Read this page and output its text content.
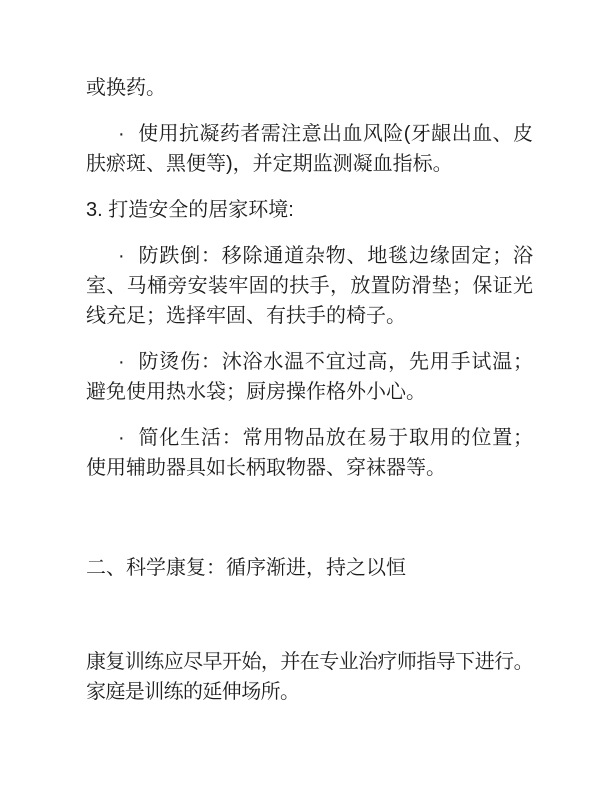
或换药。

· 使用抗凝药者需注意出血风险(牙龈出血、皮肤瘀斑、黑便等)，并定期监测凝血指标。

3. 打造安全的居家环境:

· 防跌倒：移除通道杂物、地毯边缘固定；浴室、马桶旁安装牢固的扶手，放置防滑垫；保证光线充足；选择牢固、有扶手的椅子。

· 防烫伤：沐浴水温不宜过高，先用手试温；避免使用热水袋；厨房操作格外小心。

· 简化生活：常用物品放在易于取用的位置；使用辅助器具如长柄取物器、穿袜器等。

二、科学康复：循序渐进，持之以恒

康复训练应尽早开始，并在专业治疗师指导下进行。家庭是训练的延伸场所。
